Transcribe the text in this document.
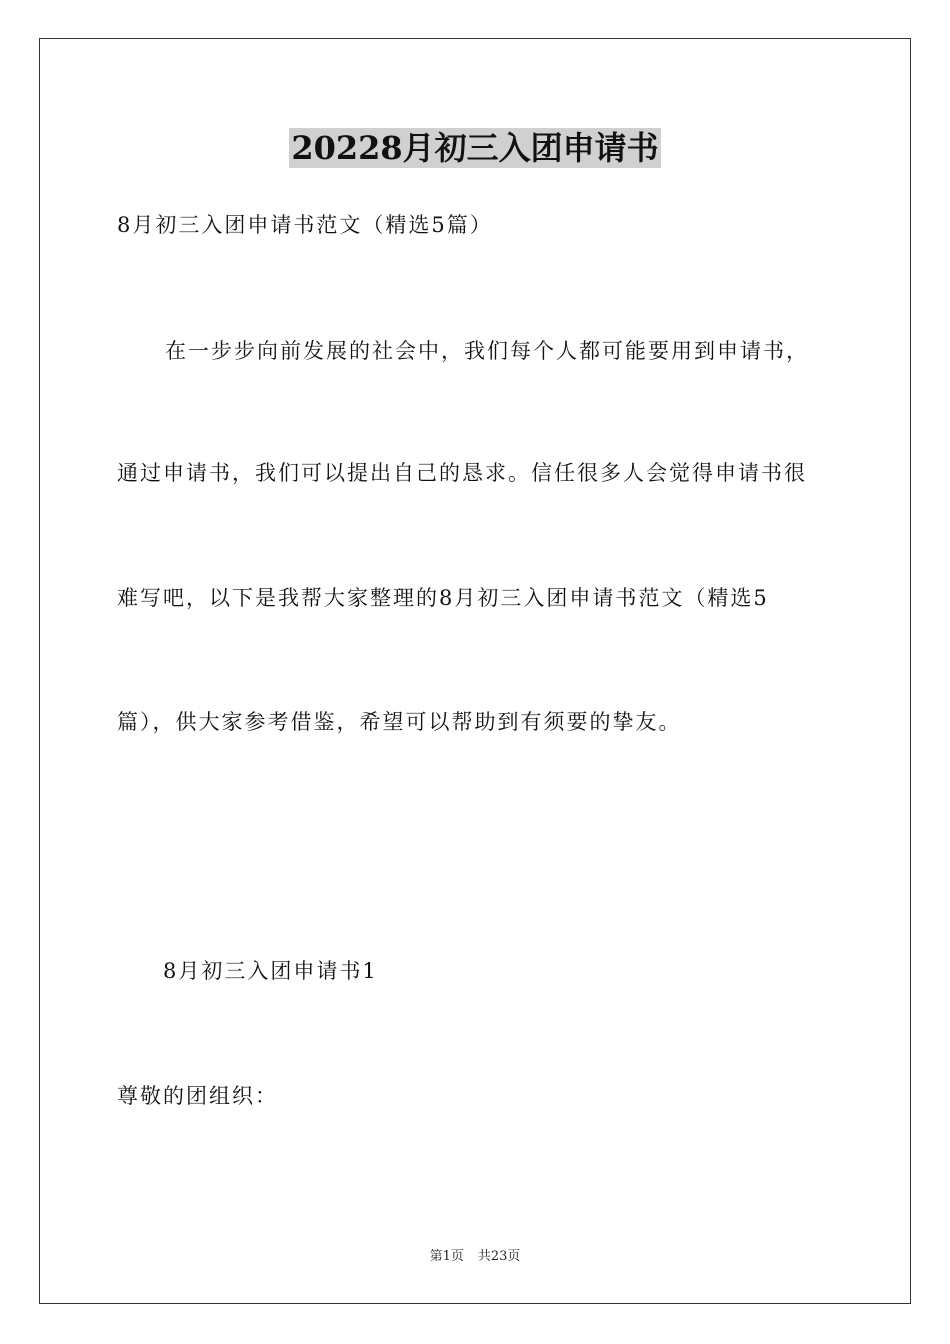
20228月初三入团申请书
8月初三入团申请书范文（精选5篇）
在一步步向前发展的社会中，我们每个人都可能要用到申请书，
通过申请书，我们可以提出自己的恳求。信任很多人会觉得申请书很
难写吧，以下是我帮大家整理的8月初三入团申请书范文（精选5
篇），供大家参考借鉴，希望可以帮助到有须要的挚友。
8月初三入团申请书1
尊敬的团组织：
第1页 共23页
